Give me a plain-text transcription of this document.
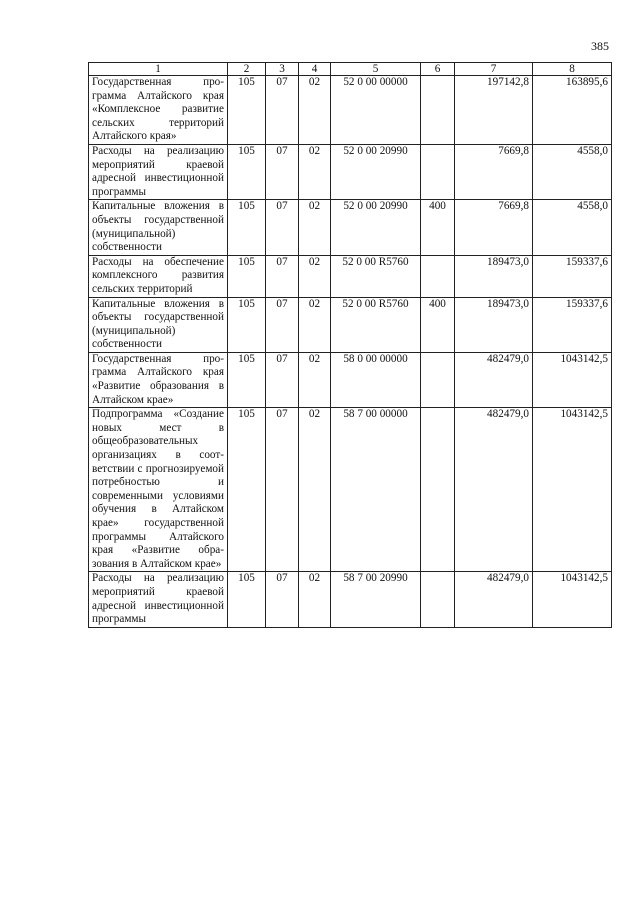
385
1	2	3	4	5	6	7	8
Государственная программа Алтайского края «Комплексное развитие сельских территорий Алтайского края»	105	07	02	52 0 00 00000		197142,8	163895,6
Расходы на реализацию мероприятий краевой адресной инвестиционной программы	105	07	02	52 0 00 20990		7669,8	4558,0
Капитальные вложения в объекты государственной (муниципальной) собственности	105	07	02	52 0 00 20990	400	7669,8	4558,0
Расходы на обеспечение комплексного развития сельских территорий	105	07	02	52 0 00 R5760		189473,0	159337,6
Капитальные вложения в объекты государственной (муниципальной) собственности	105	07	02	52 0 00 R5760	400	189473,0	159337,6
Государственная программа Алтайского края «Развитие образования в Алтайском крае»	105	07	02	58 0 00 00000		482479,0	1043142,5
Подпрограмма «Создание новых мест в общеобразовательных организациях в соответствии с прогнозируемой потребностью и современными условиями обучения в Алтайском крае» государственной программы Алтайского края «Развитие образования в Алтайском крае»	105	07	02	58 7 00 00000		482479,0	1043142,5
Расходы на реализацию мероприятий краевой адресной инвестиционной программы	105	07	02	58 7 00 20990		482479,0	1043142,5
